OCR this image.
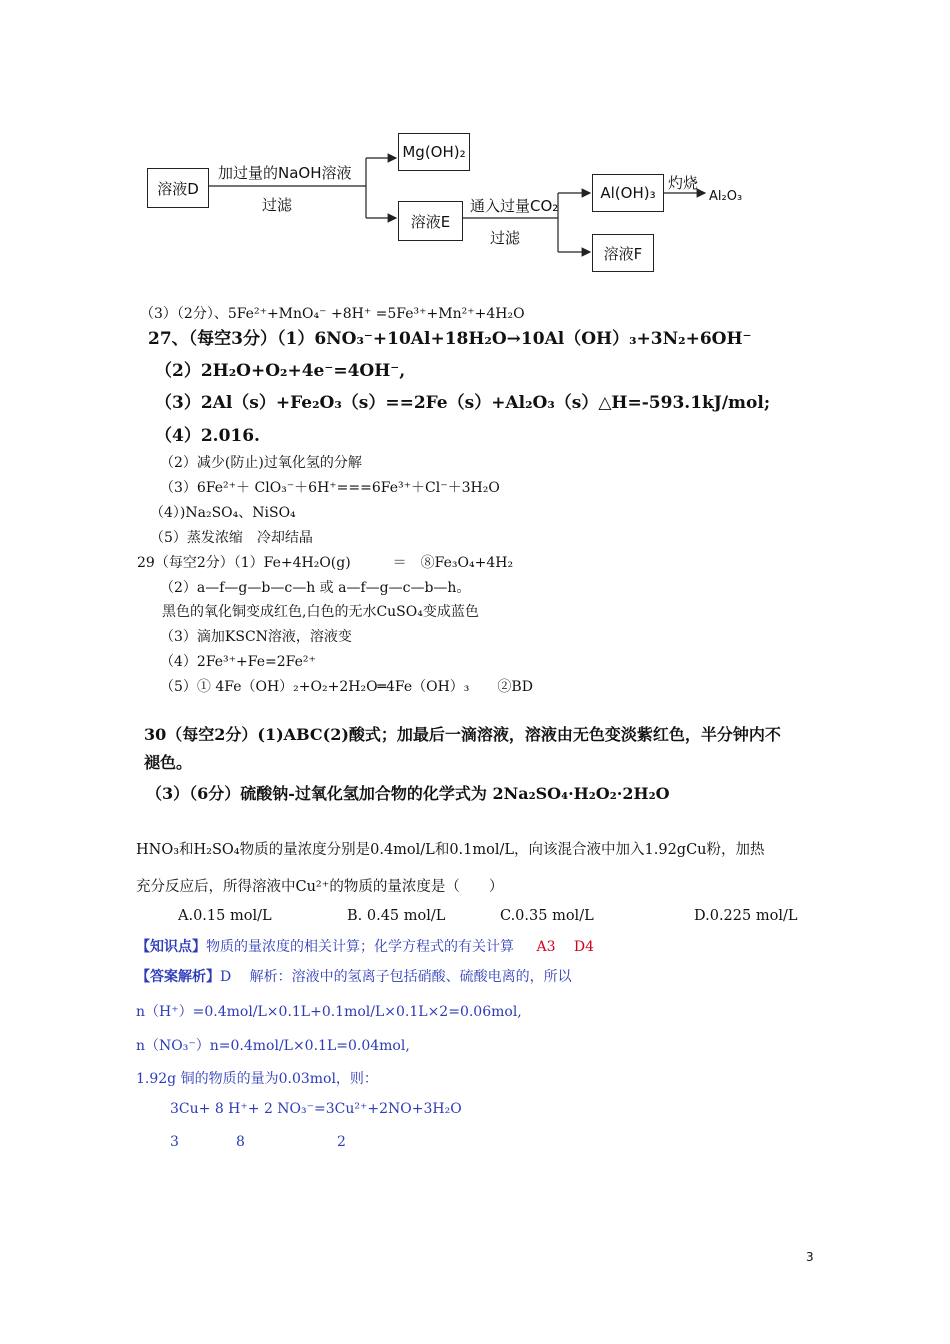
溶液D
加过量的NaOH溶液
过滤
Mg(OH)₂
溶液E
通入过量CO₂
过滤
Al(OH)₃
灼烧
Al₂O₃
溶液F
（3）（2分）、5Fe²⁺+MnO₄⁻ +8H⁺ =5Fe³⁺+Mn²⁺+4H₂O
27、（每空3分）（1）6NO₃⁻+10Al+18H₂O→10Al（OH）₃+3N₂+6OH⁻
（2）2H₂O+O₂+4e⁻=4OH⁻,
（3）2Al（s）+Fe₂O₃（s）==2Fe（s）+Al₂O₃（s）△H=-593.1kJ/mol;
（4）2.016.
（2）减少(防止)过氧化氢的分解
（3）6Fe²⁺＋ ClO₃⁻＋6H⁺===6Fe³⁺＋Cl⁻＋3H₂O
（4）)Na₂SO₄、NiSO₄
（5）蒸发浓缩　冷却结晶
29（每空2分）（1）Fe+4H₂O(g)　　　＝　⑧Fe₃O₄+4H₂
（2）a—f—g—b—c—h 或 a—f—g—c—b—h。
黑色的氧化铜变成红色,白色的无水CuSO₄变成蓝色
（3）滴加KSCN溶液，溶液变
（4）2Fe³⁺+Fe=2Fe²⁺
（5）① 4Fe（OH）₂+O₂+2H₂O═4Fe（OH）₃　　②BD
30（每空2分）(1)ABC(2)酸式；加最后一滴溶液，溶液由无色变淡紫红色，半分钟内不
褪色。
（3）（6分）硫酸钠-过氧化氢加合物的化学式为 2Na₂SO₄·H₂O₂·2H₂O
HNO₃和H₂SO₄物质的量浓度分别是0.4mol/L和0.1mol/L，向该混合液中加入1.92gCu粉，加热
充分反应后，所得溶液中Cu²⁺的物质的量浓度是（　　）
A.0.15 mol/L	B. 0.45 mol/L	C.0.35 mol/L	D.0.225 mol/L
【知识点】物质的量浓度的相关计算；化学方程式的有关计算 A3　 D4
【答案解析】D　 解析：溶液中的氢离子包括硝酸、硫酸电离的，所以
n（H⁺）=0.4mol/L×0.1L+0.1mol/L×0.1L×2=0.06mol,
n（NO₃⁻）n=0.4mol/L×0.1L=0.04mol,
1.92g 铜的物质的量为0.03mol，则：
3Cu+ 8 H⁺+ 2 NO₃⁻=3Cu²⁺+2NO+3H₂O
3	8	2
3
